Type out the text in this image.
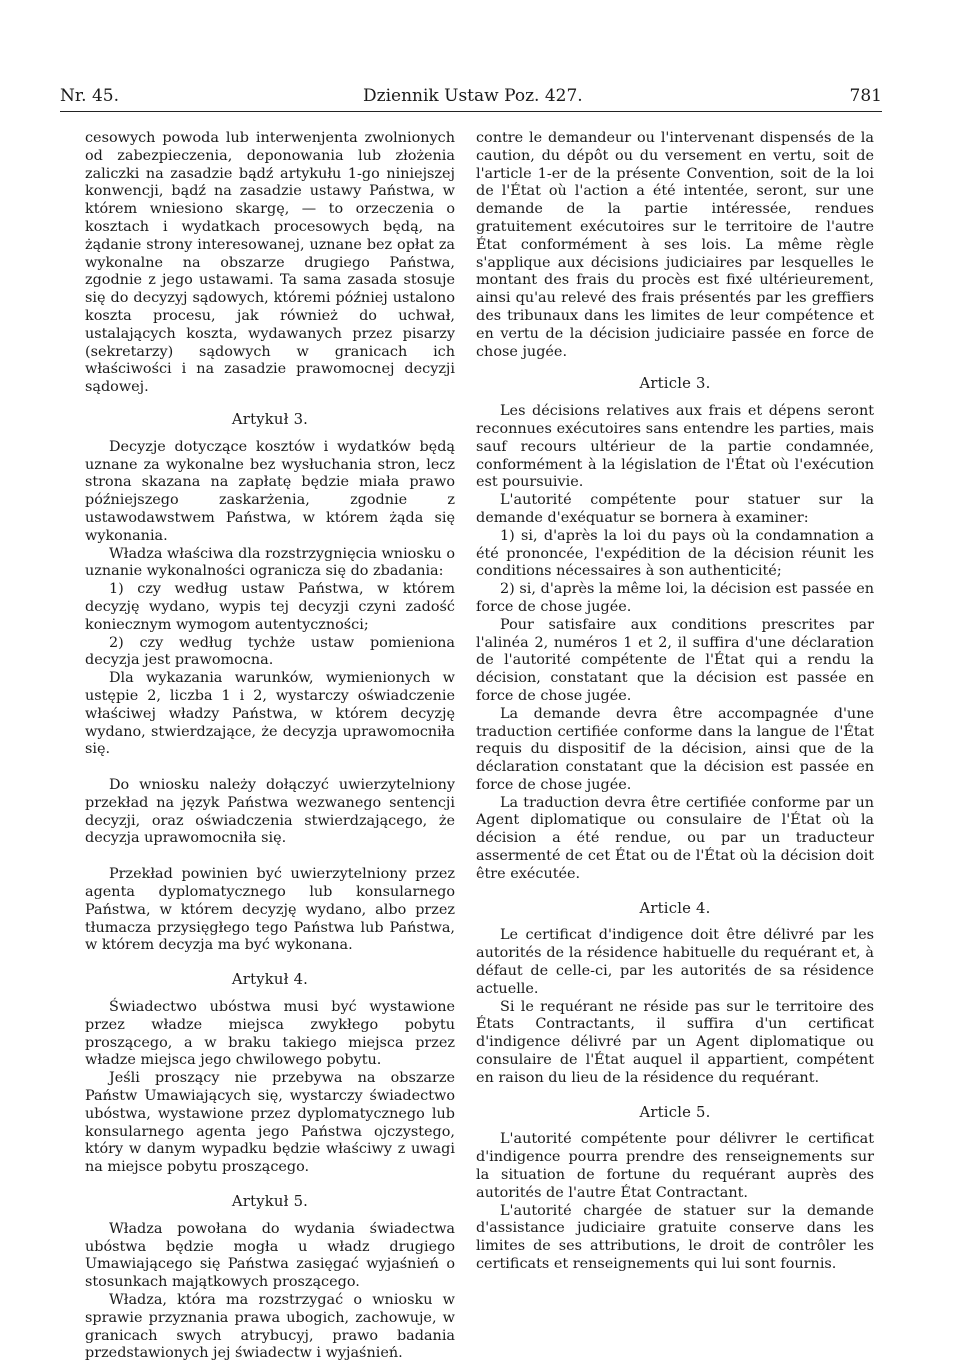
Nr. 45.	Dziennik Ustaw Poz. 427.	781

cesowych powoda lub interwenjenta zwolnionych od zabezpieczenia, deponowania lub złożenia zaliczki na zasadzie bądź artykułu 1-go niniejszej konwencji, bądź na zasadzie ustawy Państwa, w którem wniesiono skargę, — to orzeczenia o kosztach i wydatkach procesowych będą, na żądanie strony interesowanej, uznane bez opłat za wykonalne na obszarze drugiego Państwa, zgodnie z jego ustawami. Ta sama zasada stosuje się do decyzyj sądowych, któremi później ustalono koszta procesu, jak również do uchwał, ustalających koszta, wydawanych przez pisarzy (sekretarzy) sądowych w granicach ich właściwości i na zasadzie prawomocnej decyzji sądowej.

Artykuł 3.

Decyzje dotyczące kosztów i wydatków będą uznane za wykonalne bez wysłuchania stron, lecz strona skazana na zapłatę będzie miała prawo późniejszego zaskarżenia, zgodnie z ustawodawstwem Państwa, w którem żąda się wykonania.

Władza właściwa dla rozstrzygnięcia wniosku o uznanie wykonalności ogranicza się do zbadania:

1) czy według ustaw Państwa, w którem decyzję wydano, wypis tej decyzji czyni zadość koniecznym wymogom autentyczności;

2) czy według tychże ustaw pomieniona decyzja jest prawomocna.

Dla wykazania warunków, wymienionych w ustępie 2, liczba 1 i 2, wystarczy oświadczenie właściwej władzy Państwa, w którem decyzję wydano, stwierdzające, że decyzja uprawomocniła się.

Do wniosku należy dołączyć uwierzytelniony przekład na język Państwa wezwanego sentencji decyzji, oraz oświadczenia stwierdzającego, że decyzja uprawomocniła się.

Przekład powinien być uwierzytelniony przez agenta dyplomatycznego lub konsularnego Państwa, w którem decyzję wydano, albo przez tłumacza przysięgłego tego Państwa lub Państwa, w którem decyzja ma być wykonana.

Artykuł 4.

Świadectwo ubóstwa musi być wystawione przez władze miejsca zwykłego pobytu proszącego, a w braku takiego miejsca przez władze miejsca jego chwilowego pobytu.

Jeśli proszący nie przebywa na obszarze Państw Umawiających się, wystarczy świadectwo ubóstwa, wystawione przez dyplomatycznego lub konsularnego agenta jego Państwa ojczystego, który w danym wypadku będzie właściwy z uwagi na miejsce pobytu proszącego.

Artykuł 5.

Władza powołana do wydania świadectwa ubóstwa będzie mogła u władz drugiego Umawiającego się Państwa zasięgać wyjaśnień o stosunkach majątkowych proszącego.

Władza, która ma rozstrzygać o wniosku w sprawie przyznania prawa ubogich, zachowuje, w granicach swych atrybucyj, prawo badania przedstawionych jej świadectw i wyjaśnień.

contre le demandeur ou l'intervenant dispensés de la caution, du dépôt ou du versement en vertu, soit de l'article 1-er de la présente Convention, soit de la loi de l'État où l'action a été intentée, seront, sur une demande de la partie intéressée, rendues gratuitement exécutoires sur le territoire de l'autre État conformément à ses lois. La même règle s'applique aux décisions judiciaires par lesquelles le montant des frais du procès est fixé ultérieurement, ainsi qu'au relevé des frais présentés par les greffiers des tribunaux dans les limites de leur compétence et en vertu de la décision judiciaire passée en force de chose jugée.

Article 3.

Les décisions relatives aux frais et dépens seront reconnues exécutoires sans entendre les parties, mais sauf recours ultérieur de la partie condamnée, conformément à la législation de l'État où l'exécution est poursuivie.

L'autorité compétente pour statuer sur la demande d'exéquatur se bornera à examiner:

1) si, d'après la loi du pays où la condamnation a été prononcée, l'expédition de la décision réunit les conditions nécessaires à son authenticité;

2) si, d'après la même loi, la décision est passée en force de chose jugée.

Pour satisfaire aux conditions prescrites par l'alinéa 2, numéros 1 et 2, il suffira d'une déclaration de l'autorité compétente de l'État qui a rendu la décision, constatant que la décision est passée en force de chose jugée.

La demande devra être accompagnée d'une traduction certifiée conforme dans la langue de l'État requis du dispositif de la décision, ainsi que de la déclaration constatant que la décision est passée en force de chose jugée.

La traduction devra être certifiée conforme par un Agent diplomatique ou consulaire de l'État où la décision a été rendue, ou par un traducteur assermenté de cet État ou de l'État où la décision doit être exécutée.

Article 4.

Le certificat d'indigence doit être délivré par les autorités de la résidence habituelle du requérant et, à défaut de celle-ci, par les autorités de sa résidence actuelle.

Si le requérant ne réside pas sur le territoire des États Contractants, il suffira d'un certificat d'indigence délivré par un Agent diplomatique ou consulaire de l'État auquel il appartient, compétent en raison du lieu de la résidence du requérant.

Article 5.

L'autorité compétente pour délivrer le certificat d'indigence pourra prendre des renseignements sur la situation de fortune du requérant auprès des autorités de l'autre État Contractant.

L'autorité chargée de statuer sur la demande d'assistance judiciaire gratuite conserve dans les limites de ses attributions, le droit de contrôler les certificats et renseignements qui lui sont fournis.
